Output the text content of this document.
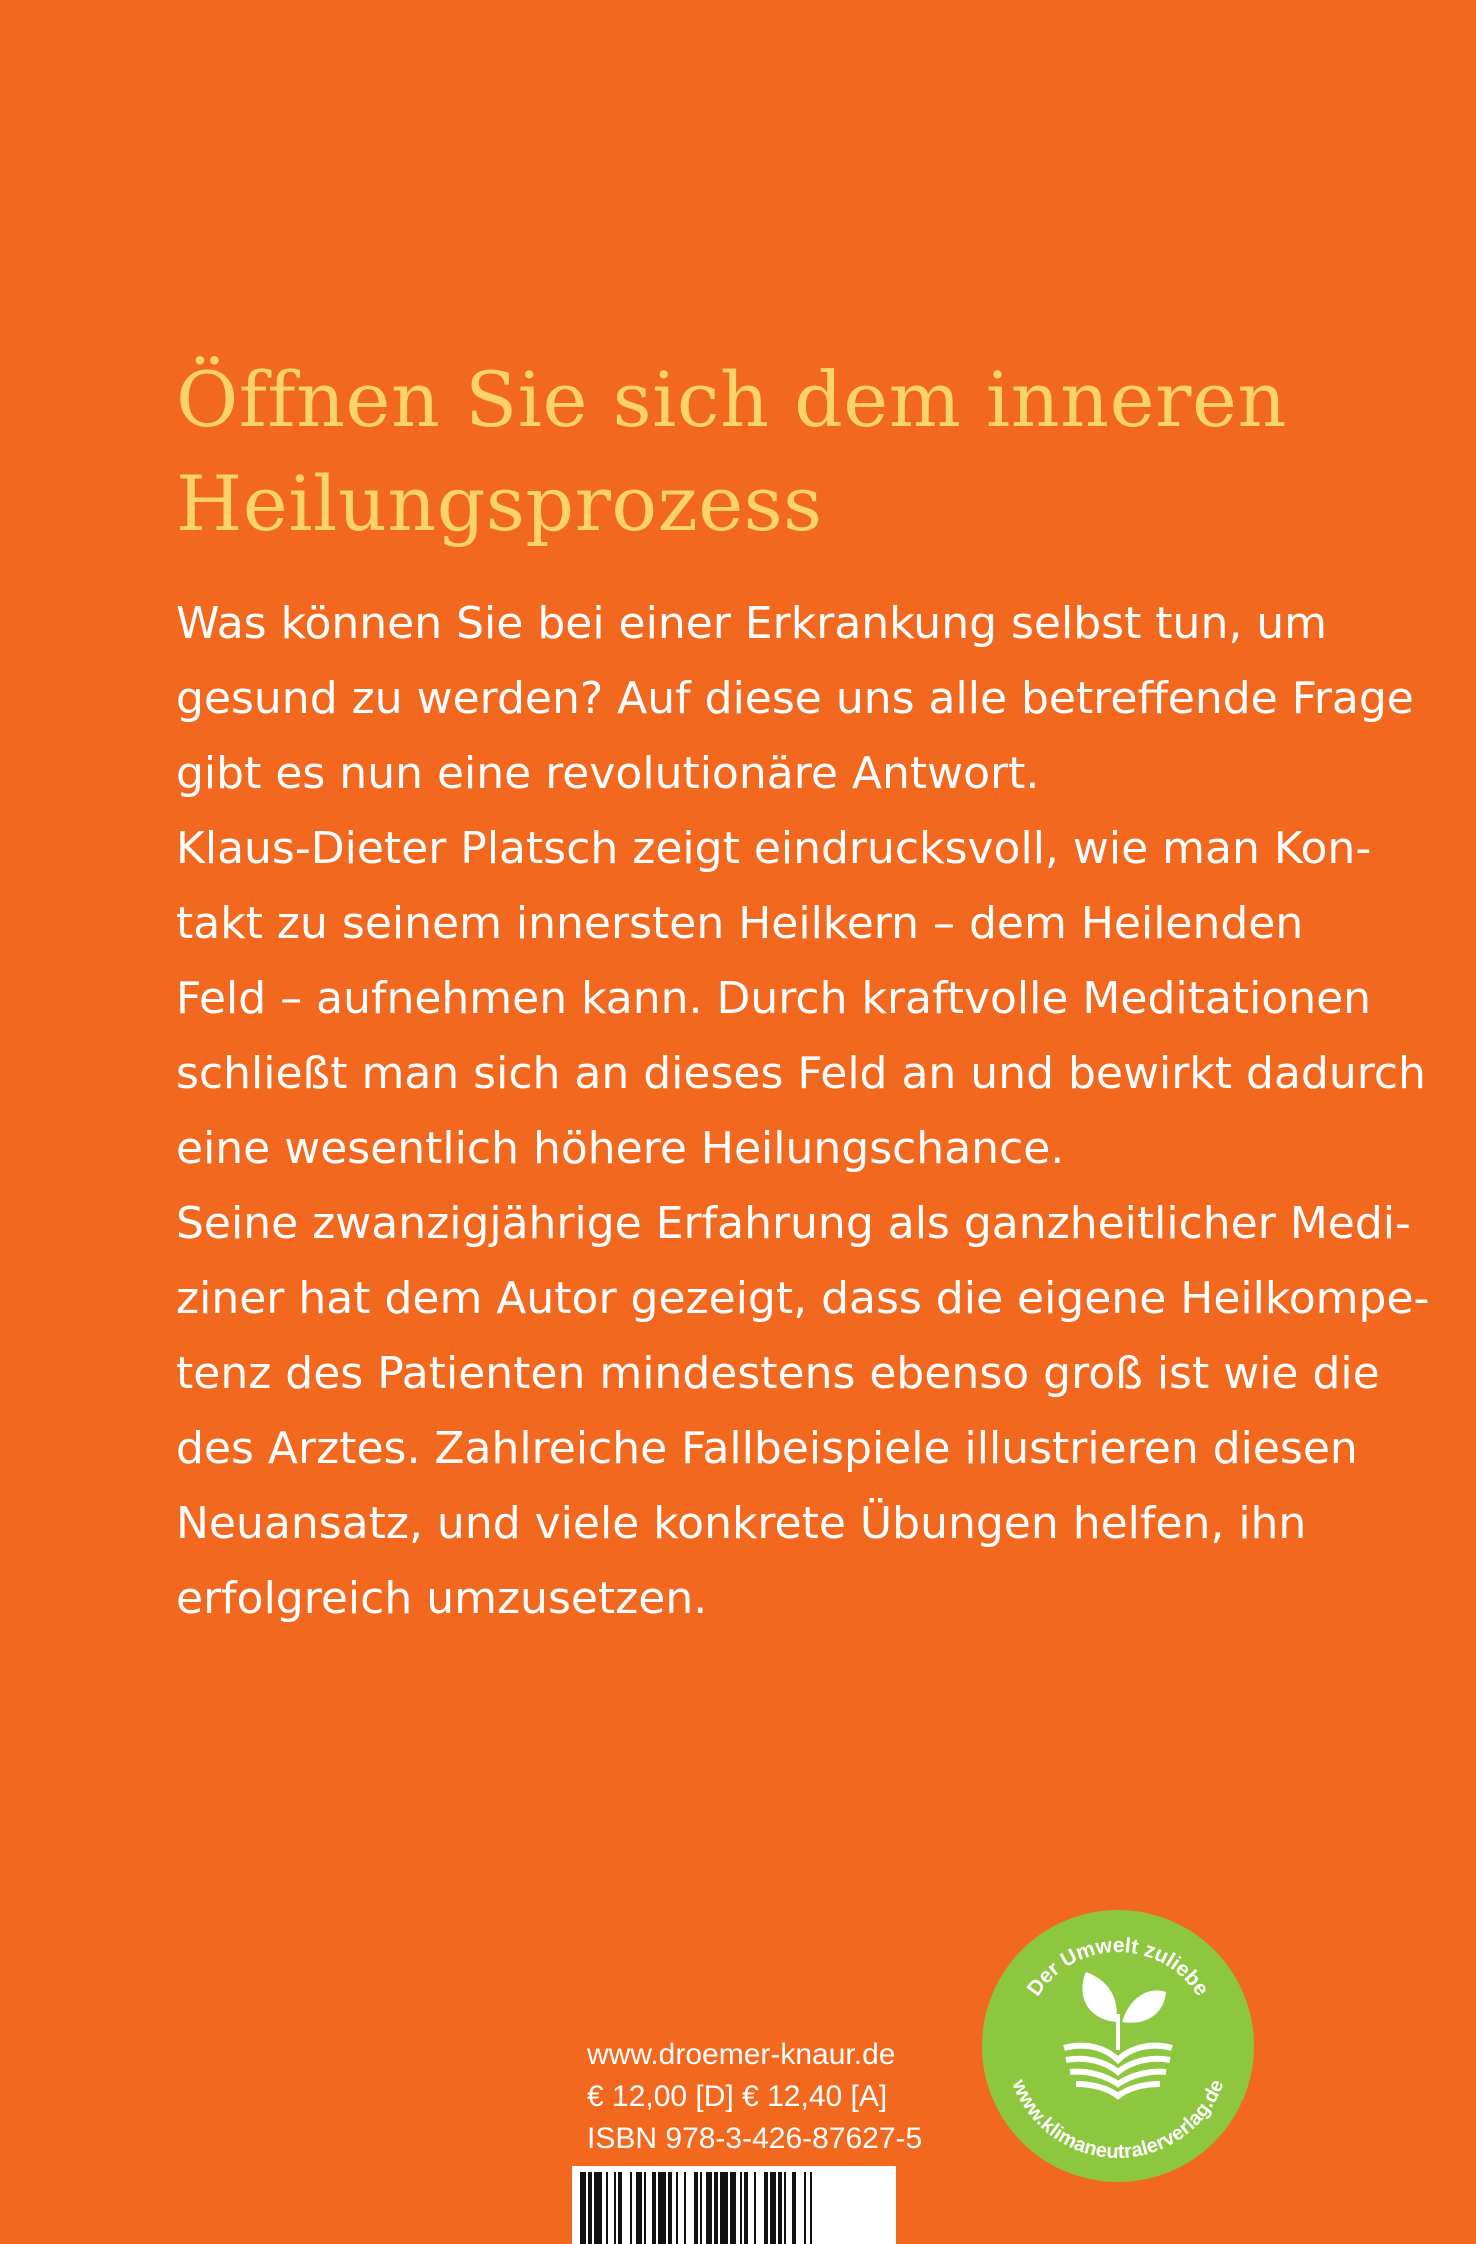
Öffnen Sie sich dem inneren
Heilungsprozess
Was können Sie bei einer Erkrankung selbst tun, um
gesund zu werden? Auf diese uns alle betreffende Frage
gibt es nun eine revolutionäre Antwort.
Klaus-Dieter Platsch zeigt eindrucksvoll, wie man Kon-
takt zu seinem innersten Heilkern – dem Heilenden
Feld – aufnehmen kann. Durch kraftvolle Meditationen
schließt man sich an dieses Feld an und bewirkt dadurch
eine wesentlich höhere Heilungschance.
Seine zwanzigjährige Erfahrung als ganzheitlicher Medi-
ziner hat dem Autor gezeigt, dass die eigene Heilkompe-
tenz des Patienten mindestens ebenso groß ist wie die
des Arztes. Zahlreiche Fallbeispiele illustrieren diesen
Neuansatz, und viele konkrete Übungen helfen, ihn
erfolgreich umzusetzen.
www.droemer-knaur.de
€ 12,00 [D] € 12,40 [A]
ISBN 978-3-426-87627-5
Der Umwelt zuliebe
www.klimaneutralerverlag.de
